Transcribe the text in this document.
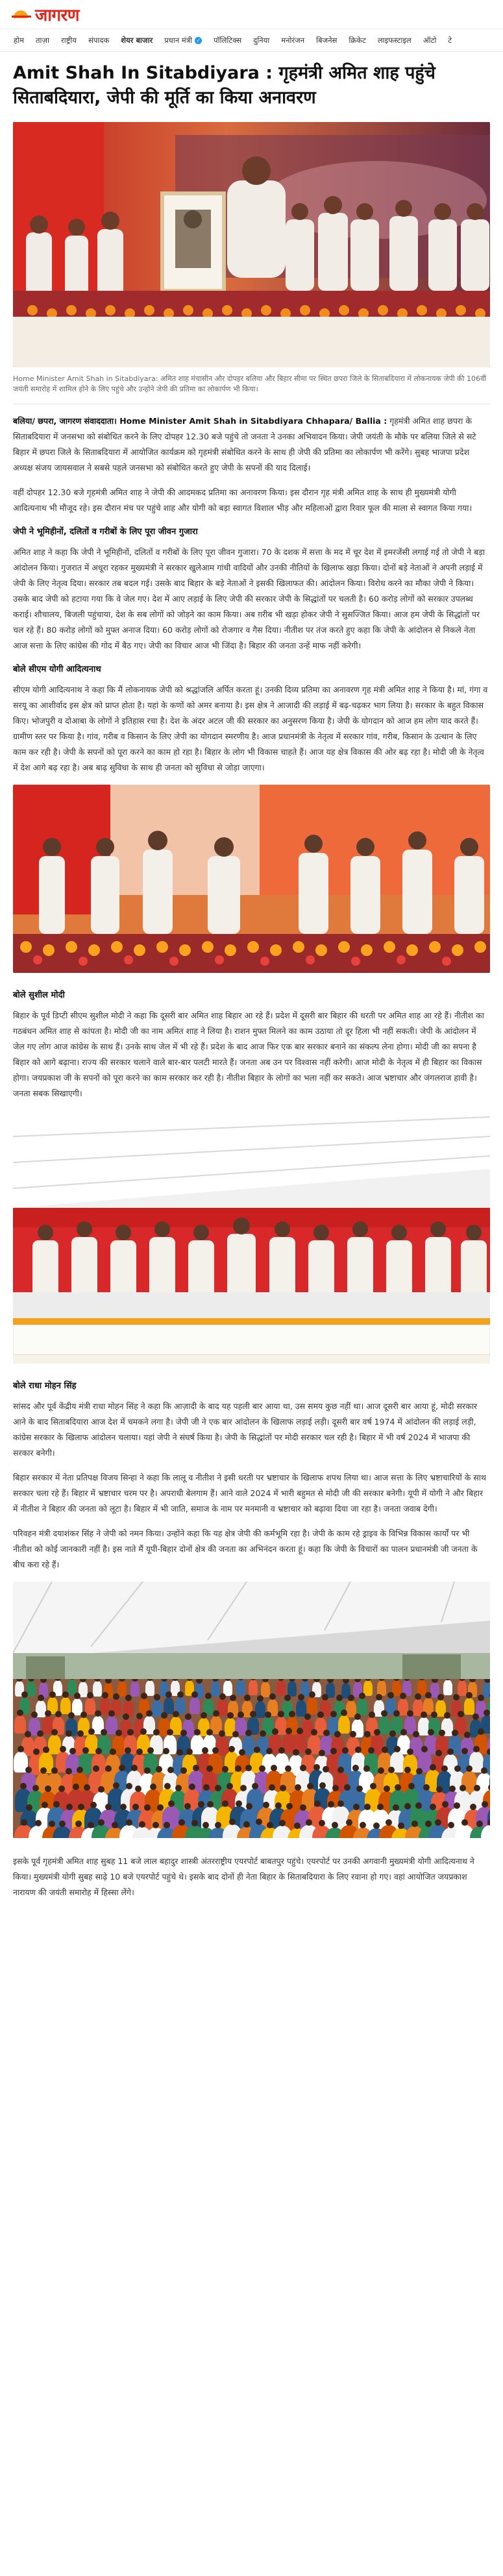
जागरण
होम ताज़ा राष्ट्रीय संपादक शेयर बाजार प्रधान मंत्री ✓ पॉलिटिक्स दुनिया मनोरंजन बिजनेस क्रिकेट लाइफस्टाइल ऑटो टे
Amit Shah In Sitabdiyara : गृहमंत्री अमित शाह पहुंचे सिताबदियारा, जेपी की मूर्ति का किया अनावरण

Home Minister Amit Shah in Sitabdiyara: अमित शाह मंचासीन और दोपहर बलिया और बिहार सीमा पर स्थित छपरा जिले के सिताबदियारा में लोकनायक जेपी की 106वीं जयंती समारोह में शामिल होने के लिए पहुंचे और उन्होंने जेपी की प्रतिमा का लोकार्पण भी किया।

बलिया/ छपरा, जागरण संवाददाता। Home Minister Amit Shah in Sitabdiyara Chhapara/ Ballia : गृहमंत्री अमित शाह छपरा के सिताबदियारा में जनसभा को संबोधित करने के लिए दोपहर 12.30 बजे पहुंचे तो जनता ने उनका अभिवादन किया। जेपी जयंती के मौके पर बलिया जिले से सटे बिहार में छपरा जिले के सिताबदियारा में आयोजित कार्यक्रम को गृहमंत्री संबोधित करने के साथ ही जेपी की प्रतिमा का लोकार्पण भी करेंगे। सुबह भाजपा प्रदेश अध्यक्ष संजय जायसवाल ने सबसे पहले जनसभा को संबोधित करते हुए जेपी के सपनों की याद दिलाई।

वहीं दोपहर 12.30 बजे गृहमंत्री अमित शाह ने जेपी की आदमकद प्रतिमा का अनावरण किया। इस दौरान गृह मंत्री अमित शाह के साथ ही मुख्यमंत्री योगी आदित्यनाथ भी मौजूद रहे। इस दौरान मंच पर पहुंचे शाह और योगी को बड़ा स्वागत विशाल भीड़ और महिलाओं द्वारा रिवार फूल की माला से स्वागत किया गया।

जेपी ने भूमिहीनों, दलितों व गरीबों के लिए पूरा जीवन गुजारा

अमित शाह ने कहा कि जेपी ने भूमिहीनों, दलितों व गरीबों के लिए पूरा जीवन गुजारा। 70 के दशक में सत्ता के मद में चूर देश में इमरजेंसी लगाई गई तो जेपी ने बड़ा आंदोलन किया। गुजरात में अधूरा रहकर मुख्यमंत्री ने सरकार खुलेआम गांधी वादियों और उनकी नीतियों के खिलाफ खड़ा किया। दोनों बड़े नेताओं ने अपनी लड़ाई में जेपी के लिए नेतृत्व दिया। सरकार तब बदल गई। उसके बाद बिहार के बड़े नेताओं ने इसकी खिलाफत की। आंदोलन किया। विरोध करने का मौका जेपी ने किया। उसके बाद जेपी को हटाया गया कि वे जेल गए। देश में आए लड़ाई के लिए जेपी की सरकार जेपी के सिद्धांतों पर चलती है। 60 करोड़ लोगों को सरकार उपलब्ध कराई। शौचालय, बिजली पहुंचाया, देश के सब लोगों को जोड़ने का काम किया। अब ग़रीब भी खड़ा होकर जेपी ने सुसज्जित किया। आज हम जेपी के सिद्धांतों पर चल रहे हैं। 80 करोड़ लोगों को मुफ्त अनाज दिया। 60 करोड़ लोगों को रोजगार व गैस दिया। नीतीश पर तंज करते हुए कहा कि जेपी के आंदोलन से निकले नेता आज सत्ता के लिए कांग्रेस की गोद में बैठ गए। जेपी का विचार आज भी जिंदा है। बिहार की जनता उन्हें माफ नहीं करेगी।

बोले सीएम योगी आदित्यनाथ

सीएम योगी आदित्यनाथ ने कहा कि मैं लोकनायक जेपी को श्रद्धांजलि अर्पित करता हूं। उनकी दिव्य प्रतिमा का अनावरण गृह मंत्री अमित शाह ने किया है। मां, गंगा व सरयू का आशीर्वाद इस क्षेत्र को प्राप्त होता है। यहां के कणों को अमर बनाया है। इस क्षेत्र ने आजादी की लड़ाई में बढ़-चढ़कर भाग लिया है। सरकार के बहुत विकास किए। भोजपुरी व दोआबा के लोगों ने इतिहास रचा है। देश के अंदर अटल जी की सरकार का अनुसरण किया है। जेपी के योगदान को आज हम लोग याद करते हैं। ग्रामीण स्तर पर किया है। गांव, गरीब व किसान के लिए जेपी का योगदान स्मरणीय है। आज प्रधानमंत्री के नेतृत्व में सरकार गांव, गरीब, किसान के उत्थान के लिए काम कर रही है। जेपी के सपनों को पूरा करने का काम हो रहा है। बिहार के लोग भी विकास चाहते हैं। आज यह क्षेत्र विकास की ओर बढ़ रहा है। मोदी जी के नेतृत्व में देश आगे बढ़ रहा है। अब बाढ़ सुविधा के साथ ही जनता को सुविधा से जोड़ा जाएगा।

बोले सुशील मोदी

बिहार के पूर्व डिप्टी सीएम सुशील मोदी ने कहा कि दूसरी बार अमित शाह बिहार आ रहे हैं। प्रदेश में दूसरी बार बिहार की धरती पर अमित शाह आ रहे हैं। नीतीश का गठबंधन अमित शाह से कांपता है। मोदी जी का नाम अमित शाह ने लिया है। राशन मुफ्त मिलने का काम उठाया तो दूर हिला भी नहीं सकती। जेपी के आंदोलन में जेल गए लोग आज कांग्रेस के साथ हैं। उनके साथ जेल में भी रहे हैं। प्रदेश के बाद आज फिर एक बार सरकार बनाने का संकल्प लेना होगा। मोदी जी का सपना है बिहार को आगे बढ़ाना। राज्य की सरकार चलाने वाले बार-बार पलटी मारते हैं। जनता अब उन पर विश्वास नहीं करेगी। आज मोदी के नेतृत्व में ही बिहार का विकास होगा। जयप्रकाश जी के सपनों को पूरा करने का काम सरकार कर रही है। नीतीश बिहार के लोगों का भला नहीं कर सकते। आज भ्रष्टाचार और जंगलराज हावी है। जनता सबक सिखाएगी।

बोले राधा मोहन सिंह

सांसद और पूर्व केंद्रीय मंत्री राधा मोहन सिंह ने कहा कि आज़ादी के बाद यह पहली बार आया था, उस समय कुछ नहीं था। आज दूसरी बार आया हूं, मोदी सरकार आने के बाद सिताबदियारा आज देश में चमकने लगा है। जेपी जी ने एक बार आंदोलन के खिलाफ लड़ाई लड़ी। दूसरी बार वर्ष 1974 में आंदोलन की लड़ाई लड़ी, कांग्रेस सरकार के खिलाफ आंदोलन चलाया। यहां जेपी ने संघर्ष किया है। जेपी के सिद्धांतों पर मोदी सरकार चल रही है। बिहार में भी वर्ष 2024 में भाजपा की सरकार बनेगी।

बिहार सरकार में नेता प्रतिपक्ष विजय सिन्हा ने कहा कि लालू व नीतीश ने इसी धरती पर भ्रष्टाचार के खिलाफ शपथ लिया था। आज सत्ता के लिए भ्रष्टाचारियों के साथ सरकार चला रहे हैं। बिहार में भ्रष्टाचार चरम पर है। अपराधी बेलगाम हैं। आने वाले 2024 में भारी बहुमत से मोदी जी की सरकार बनेगी। यूपी में योगी ने और बिहार में नीतीश ने बिहार की जनता को लूटा है। बिहार में भी जाति, समाज के नाम पर मनमानी व भ्रष्टाचार को बढ़ावा दिया जा रहा है। जनता जवाब देगी।

परिवहन मंत्री दयाशंकर सिंह ने जेपी को नमन किया। उन्होंने कहा कि यह क्षेत्र जेपी की कर्मभूमि रहा है। जेपी के काम रहे ड्राइव के विभिन्न विकास कार्यों पर भी नीतीश को कोई जानकारी नहीं है। इस नाते मैं यूपी-बिहार दोनों क्षेत्र की जनता का अभिनंदन करता हूं। कहा कि जेपी के विचारों का पालन प्रधानमंत्री जी जनता के बीच करा रहे हैं।

इसके पूर्व गृहमंत्री अमित शाह सुबह 11 बजे लाल बहादुर शास्त्री अंतरराष्ट्रीय एयरपोर्ट बाबतपुर पहुंचे। एयरपोर्ट पर उनकी अगवानी मुख्यमंत्री योगी आदित्यनाथ ने किया। मुख्यमंत्री योगी सुबह साढ़े 10 बजे एयरपोर्ट पहुंचे थे। इसके बाद दोनों ही नेता बिहार के सिताबदियारा के लिए रवाना हो गए। वहां आयोजित जयप्रकाश नारायण की जयंती समारोह में हिस्सा लेंगे।
